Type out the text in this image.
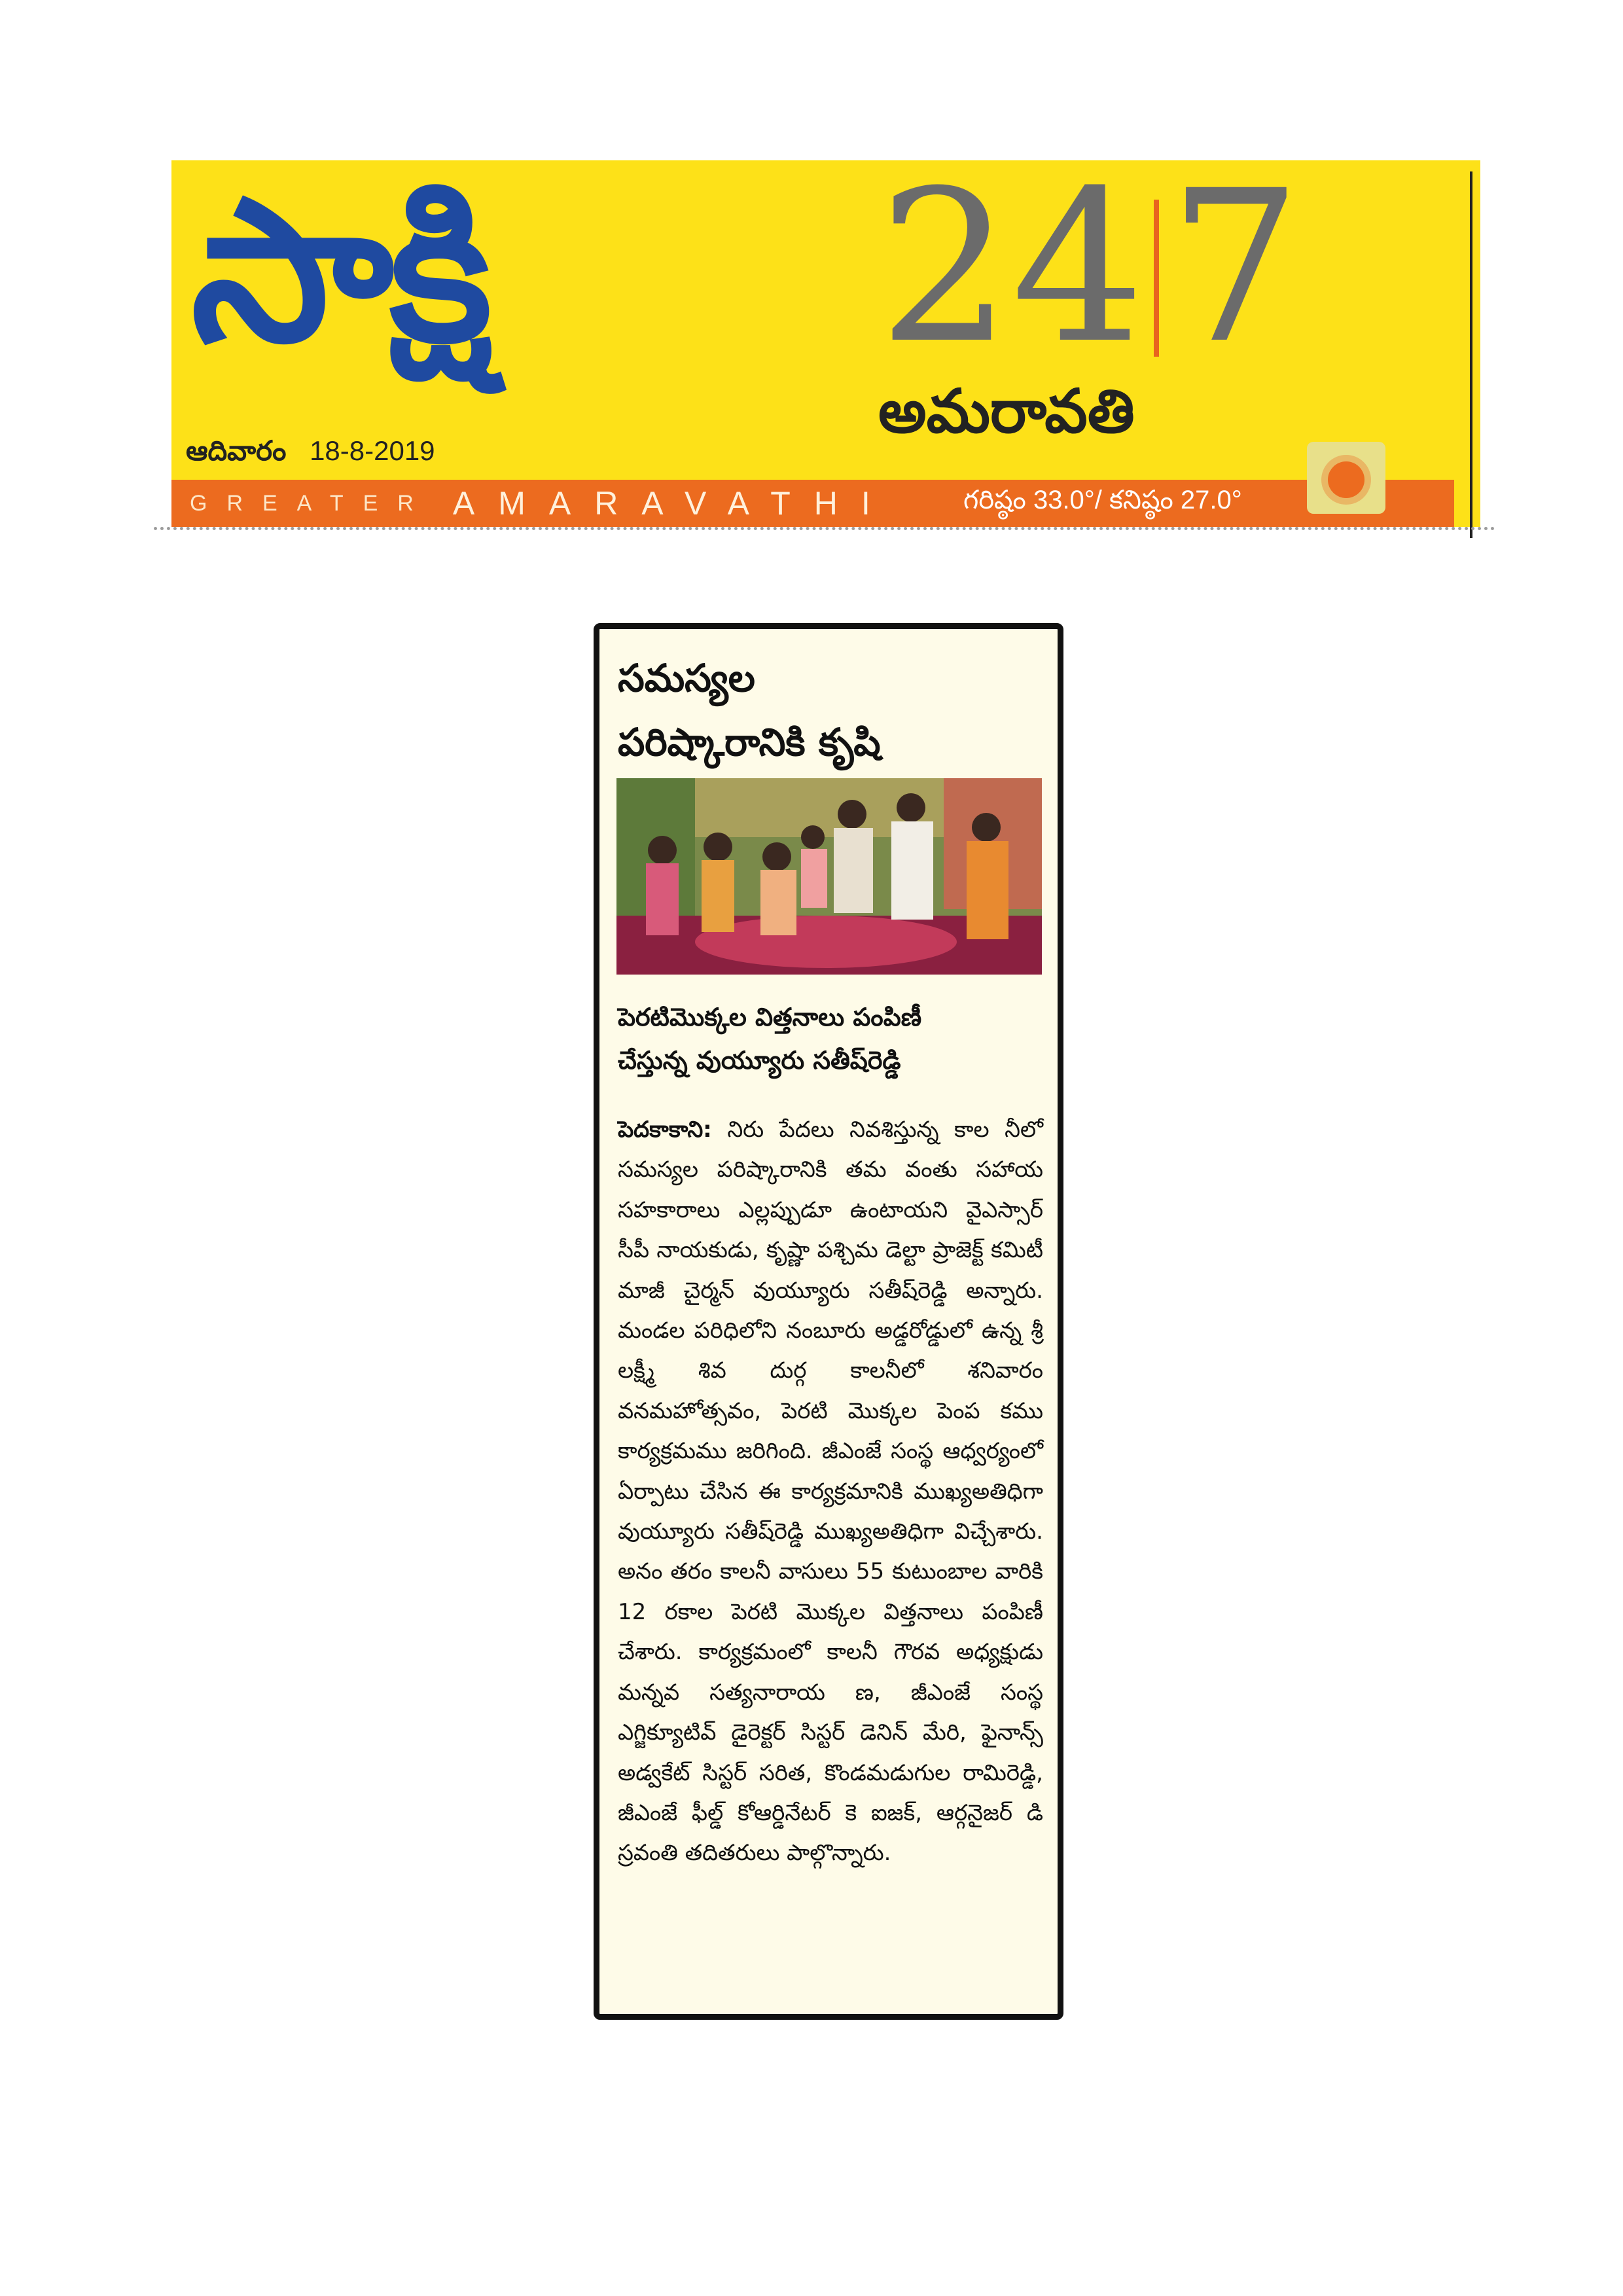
సాక్షి 24 7
అమరావతి
ఆదివారం 18-8-2019
GREATER AMARAVATHI	గరిష్ఠం 33.0°/ కనిష్ఠం 27.0°
సమస్యల
పరిష్కారానికి కృషి
పెరటిమొక్కల విత్తనాలు పంపిణీ
చేస్తున్న వుయ్యూరు సతీష్‌రెడ్డి
పెదకాకాని: నిరు పేదలు నివశిస్తున్న కాల నీలో సమస్యల పరిష్కారానికి తమ వంతు సహాయ సహకారాలు ఎల్లప్పుడూ ఉంటాయని వైఎస్సార్ సీపీ నాయకుడు, కృష్ణా పశ్చిమ డెల్టా ప్రాజెక్ట్ కమిటీ మాజీ చైర్మన్ వుయ్యూరు సతీష్‌రెడ్డి అన్నారు. మండల పరిధిలోని నంబూరు అడ్డరోడ్డులో ఉన్న శ్రీ లక్ష్మీ శివ దుర్గ కాలనీలో శనివారం వనమహోత్సవం, పెరటి మొక్కల పెంప కము కార్యక్రమము జరిగింది. జీఎంజే సంస్థ ఆధ్వర్యంలో ఏర్పాటు చేసిన ఈ కార్యక్రమానికి ముఖ్యఅతిధిగా వుయ్యూరు సతీష్‌రెడ్డి ముఖ్యఅతిధిగా విచ్చేశారు. అనం తరం కాలనీ వాసులు 55 కుటుంబాల వారికి 12 రకాల పెరటి మొక్కల విత్తనాలు పంపిణీ చేశారు. కార్యక్రమంలో కాలనీ గౌరవ అధ్యక్షుడు మన్నవ సత్యనారాయ ణ, జీఎంజే సంస్థ ఎగ్జిక్యూటివ్ డైరెక్టర్ సిస్టర్ డెనిన్ మేరి, ఫైనాన్స్ అడ్వకేట్ సిస్టర్ సరిత, కొండమడుగుల రామిరెడ్డి, జీఎంజే ఫీల్డ్ కోఆర్డినేటర్ కె ఐజక్, ఆర్గనైజర్ డి స్రవంతి తదితరులు పాల్గొన్నారు.
